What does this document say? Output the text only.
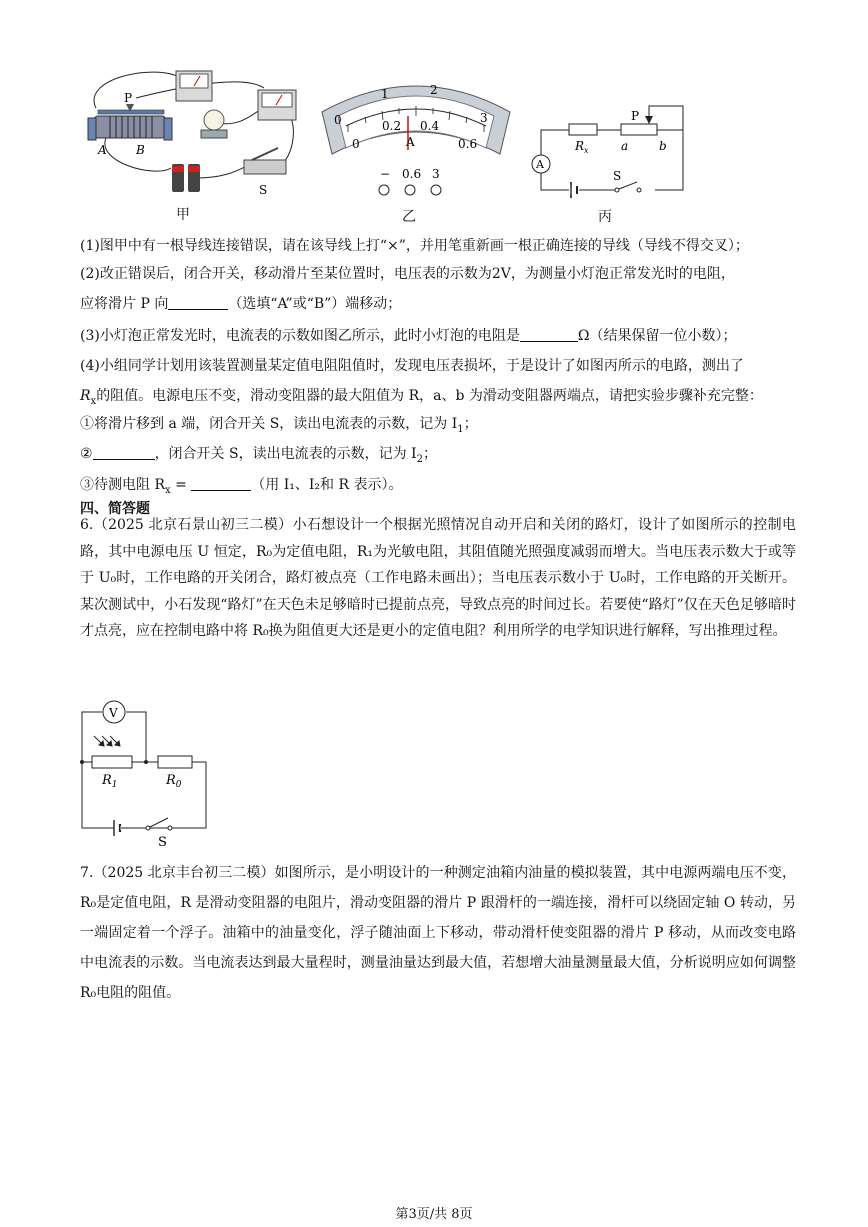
P
A B
S
甲
0
1	2
3
0
0.2 0.4
0.6
A
− 0.6 3
乙
A
P
$R_x$	a	b
S
丙
(1)图甲中有一根导线连接错误，请在该导线上打“×”，并用笔重新画一根正确连接的导线（导线不得交叉）；
(2)改正错误后，闭合开关，移动滑片至某位置时，电压表的示数为2V，为测量小灯泡正常发光时的电阻，
应将滑片 P 向	（选填“A”或“B”）端移动；
(3)小灯泡正常发光时，电流表的示数如图乙所示，此时小灯泡的电阻是	Ω（结果保留一位小数）；
(4)小组同学计划用该装置测量某定值电阻阻值时，发现电压表损坏，于是设计了如图丙所示的电路，测出了
$R_x$的阻值。电源电压不变，滑动变阻器的最大阻值为 R，a、b 为滑动变阻器两端点，请把实验步骤补充完整：
①将滑片移到 a 端，闭合开关 S，读出电流表的示数，记为 $I_1$；
②	，闭合开关 S，读出电流表的示数，记为 $I_2$；
③待测电阻 $R_x$ =	（用 I₁、I₂和 R 表示）。
四、简答题
6.（2025 北京石景山初三二模）小石想设计一个根据光照情况自动开启和关闭的路灯，设计了如图所示的控制电路，其中电源电压 U 恒定，R₀为定值电阻，R₁为光敏电阻，其阻值随光照强度减弱而增大。当电压表示数大于或等于 U₀时，工作电路的开关闭合，路灯被点亮（工作电路未画出）；当电压表示数小于 U₀时，工作电路的开关断开。某次测试中，小石发现“路灯”在天色未足够暗时已提前点亮，导致点亮的时间过长。若要使“路灯”仅在天色足够暗时才点亮，应在控制电路中将 R₀换为阻值更大还是更小的定值电阻？利用所学的电学知识进行解释，写出推理过程。
V
$R_1$	$R_0$
S
7.（2025 北京丰台初三二模）如图所示，是小明设计的一种测定油箱内油量的模拟装置，其中电源两端电压不变，R₀是定值电阻，R 是滑动变阻器的电阻片，滑动变阻器的滑片 P 跟滑杆的一端连接，滑杆可以绕固定轴 O 转动，另一端固定着一个浮子。油箱中的油量变化，浮子随油面上下移动，带动滑杆使变阻器的滑片 P 移动，从而改变电路中电流表的示数。当电流表达到最大量程时，测量油量达到最大值，若想增大油量测量最大值，分析说明应如何调整 R₀电阻的阻值。
第3页/共 8页
